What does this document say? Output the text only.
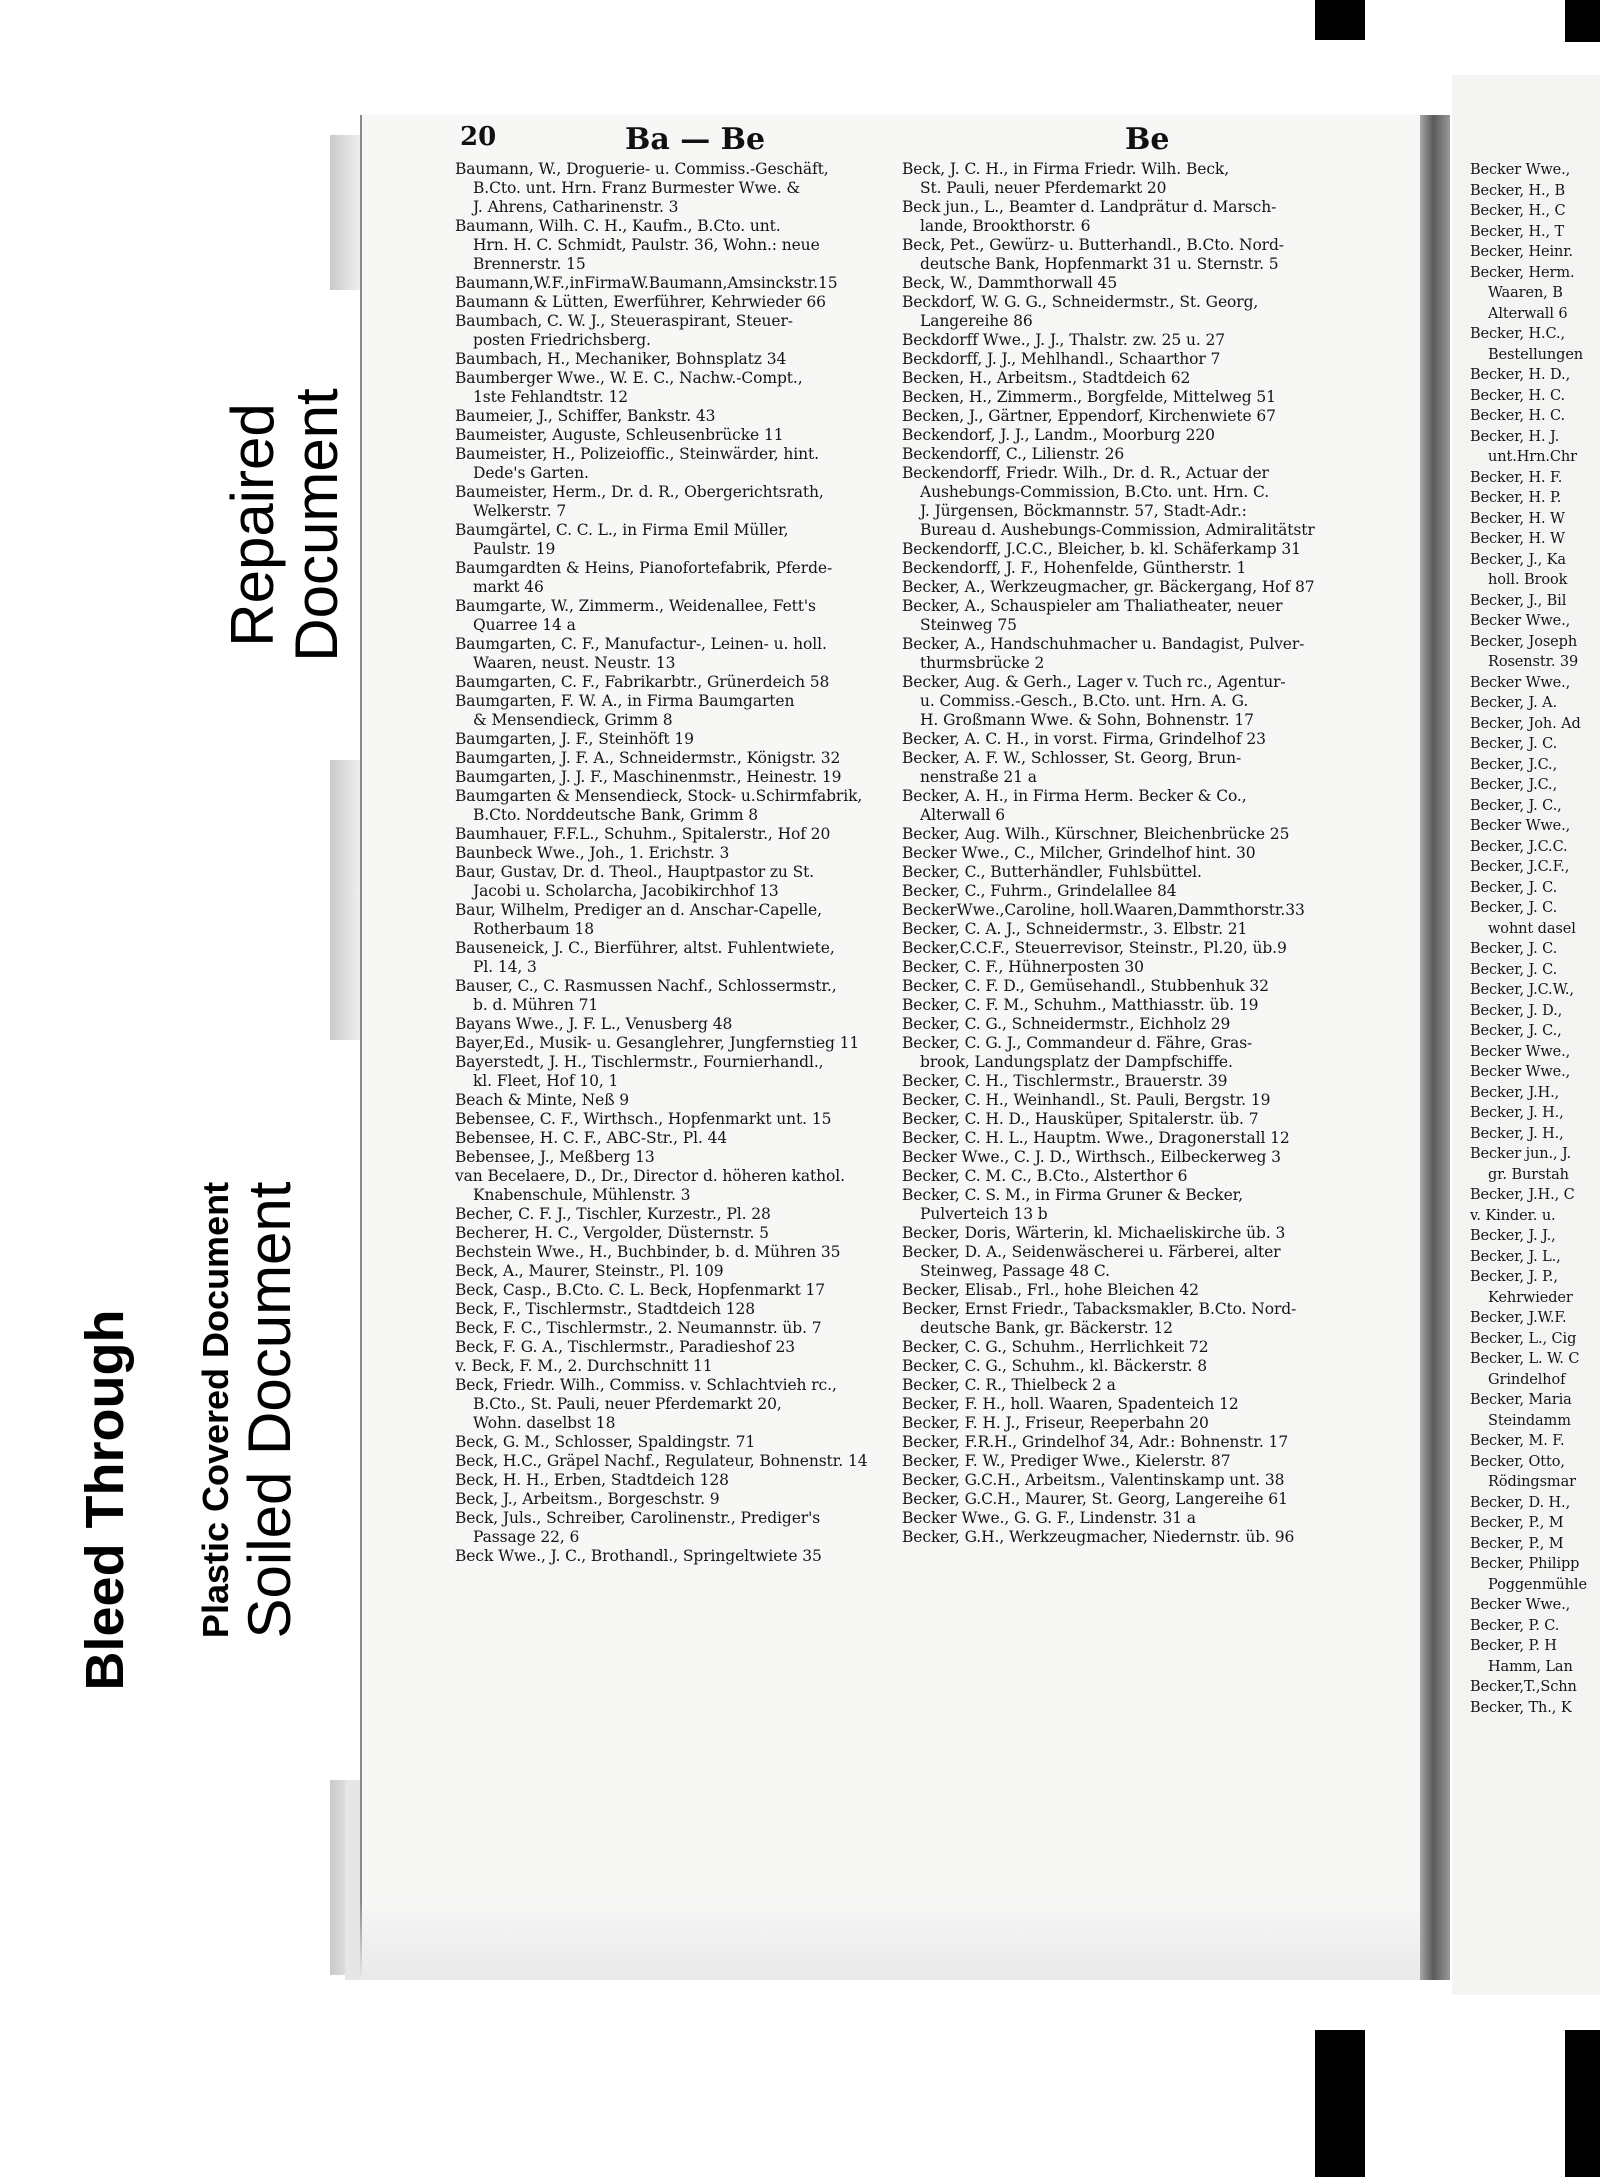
Repaired
Document
Plastic Covered Document Soiled Document
Bleed Through
20	Ba — Be	Be
Baumann, W., Droguerie- u. Commiss.-Geschäft,
B.Cto. unt. Hrn. Franz Burmester Wwe. &
J. Ahrens, Catharinenstr. 3
Baumann, Wilh. C. H., Kaufm., B.Cto. unt.
Hrn. H. C. Schmidt, Paulstr. 36, Wohn.: neue
Brennerstr. 15
Baumann,W.F.,inFirmaW.Baumann,Amsinckstr.15
Baumann & Lütten, Ewerführer, Kehrwieder 66
Baumbach, C. W. J., Steueraspirant, Steuer-
posten Friedrichsberg.
Baumbach, H., Mechaniker, Bohnsplatz 34
Baumberger Wwe., W. E. C., Nachw.-Compt.,
1ste Fehlandtstr. 12
Baumeier, J., Schiffer, Bankstr. 43
Baumeister, Auguste, Schleusenbrücke 11
Baumeister, H., Polizeioffic., Steinwärder, hint.
Dede's Garten.
Baumeister, Herm., Dr. d. R., Obergerichtsrath,
Welkerstr. 7
Baumgärtel, C. C. L., in Firma Emil Müller,
Paulstr. 19
Baumgardten & Heins, Pianofortefabrik, Pferde-
markt 46
Baumgarte, W., Zimmerm., Weidenallee, Fett's
Quarree 14 a
Baumgarten, C. F., Manufactur-, Leinen- u. holl.
Waaren, neust. Neustr. 13
Baumgarten, C. F., Fabrikarbtr., Grünerdeich 58
Baumgarten, F. W. A., in Firma Baumgarten
& Mensendieck, Grimm 8
Baumgarten, J. F., Steinhöft 19
Baumgarten, J. F. A., Schneidermstr., Königstr. 32
Baumgarten, J. J. F., Maschinenmstr., Heinestr. 19
Baumgarten & Mensendieck, Stock- u.Schirmfabrik,
B.Cto. Norddeutsche Bank, Grimm 8
Baumhauer, F.F.L., Schuhm., Spitalerstr., Hof 20
Baunbeck Wwe., Joh., 1. Erichstr. 3
Baur, Gustav, Dr. d. Theol., Hauptpastor zu St.
Jacobi u. Scholarcha, Jacobikirchhof 13
Baur, Wilhelm, Prediger an d. Anschar-Capelle,
Rotherbaum 18
Bauseneick, J. C., Bierführer, altst. Fuhlentwiete,
Pl. 14, 3
Bauser, C., C. Rasmussen Nachf., Schlossermstr.,
b. d. Mühren 71
Bayans Wwe., J. F. L., Venusberg 48
Bayer,Ed., Musik- u. Gesanglehrer, Jungfernstieg 11
Bayerstedt, J. H., Tischlermstr., Fournierhandl.,
kl. Fleet, Hof 10, 1
Beach & Minte, Neß 9
Bebensee, C. F., Wirthsch., Hopfenmarkt unt. 15
Bebensee, H. C. F., ABC-Str., Pl. 44
Bebensee, J., Meßberg 13
van Becelaere, D., Dr., Director d. höheren kathol.
Knabenschule, Mühlenstr. 3
Becher, C. F. J., Tischler, Kurzestr., Pl. 28
Becherer, H. C., Vergolder, Düsternstr. 5
Bechstein Wwe., H., Buchbinder, b. d. Mühren 35
Beck, A., Maurer, Steinstr., Pl. 109
Beck, Casp., B.Cto. C. L. Beck, Hopfenmarkt 17
Beck, F., Tischlermstr., Stadtdeich 128
Beck, F. C., Tischlermstr., 2. Neumannstr. üb. 7
Beck, F. G. A., Tischlermstr., Paradieshof 23
v. Beck, F. M., 2. Durchschnitt 11
Beck, Friedr. Wilh., Commiss. v. Schlachtvieh rc.,
B.Cto., St. Pauli, neuer Pferdemarkt 20,
Wohn. daselbst 18
Beck, G. M., Schlosser, Spaldingstr. 71
Beck, H.C., Gräpel Nachf., Regulateur, Bohnenstr. 14
Beck, H. H., Erben, Stadtdeich 128
Beck, J., Arbeitsm., Borgeschstr. 9
Beck, Juls., Schreiber, Carolinenstr., Prediger's
Passage 22, 6
Beck Wwe., J. C., Brothandl., Springeltwiete 35
Beck, J. C. H., in Firma Friedr. Wilh. Beck,
St. Pauli, neuer Pferdemarkt 20
Beck jun., L., Beamter d. Landprätur d. Marsch-
lande, Brookthorstr. 6
Beck, Pet., Gewürz- u. Butterhandl., B.Cto. Nord-
deutsche Bank, Hopfenmarkt 31 u. Sternstr. 5
Beck, W., Dammthorwall 45
Beckdorf, W. G. G., Schneidermstr., St. Georg,
Langereihe 86
Beckdorff Wwe., J. J., Thalstr. zw. 25 u. 27
Beckdorff, J. J., Mehlhandl., Schaarthor 7
Becken, H., Arbeitsm., Stadtdeich 62
Becken, H., Zimmerm., Borgfelde, Mittelweg 51
Becken, J., Gärtner, Eppendorf, Kirchenwiete 67
Beckendorf, J. J., Landm., Moorburg 220
Beckendorff, C., Lilienstr. 26
Beckendorff, Friedr. Wilh., Dr. d. R., Actuar der
Aushebungs-Commission, B.Cto. unt. Hrn. C.
J. Jürgensen, Böckmannstr. 57, Stadt-Adr.:
Bureau d. Aushebungs-Commission, Admiralitätstr
Beckendorff, J.C.C., Bleicher, b. kl. Schäferkamp 31
Beckendorff, J. F., Hohenfelde, Güntherstr. 1
Becker, A., Werkzeugmacher, gr. Bäckergang, Hof 87
Becker, A., Schauspieler am Thaliatheater, neuer
Steinweg 75
Becker, A., Handschuhmacher u. Bandagist, Pulver-
thurmsbrücke 2
Becker, Aug. & Gerh., Lager v. Tuch rc., Agentur-
u. Commiss.-Gesch., B.Cto. unt. Hrn. A. G.
H. Großmann Wwe. & Sohn, Bohnenstr. 17
Becker, A. C. H., in vorst. Firma, Grindelhof 23
Becker, A. F. W., Schlosser, St. Georg, Brun-
nenstraße 21 a
Becker, A. H., in Firma Herm. Becker & Co.,
Alterwall 6
Becker, Aug. Wilh., Kürschner, Bleichenbrücke 25
Becker Wwe., C., Milcher, Grindelhof hint. 30
Becker, C., Butterhändler, Fuhlsbüttel.
Becker, C., Fuhrm., Grindelallee 84
BeckerWwe.,Caroline, holl.Waaren,Dammthorstr.33
Becker, C. A. J., Schneidermstr., 3. Elbstr. 21
Becker,C.C.F., Steuerrevisor, Steinstr., Pl.20, üb.9
Becker, C. F., Hühnerposten 30
Becker, C. F. D., Gemüsehandl., Stubbenhuk 32
Becker, C. F. M., Schuhm., Matthiasstr. üb. 19
Becker, C. G., Schneidermstr., Eichholz 29
Becker, C. G. J., Commandeur d. Fähre, Gras-
brook, Landungsplatz der Dampfschiffe.
Becker, C. H., Tischlermstr., Brauerstr. 39
Becker, C. H., Weinhandl., St. Pauli, Bergstr. 19
Becker, C. H. D., Hausküper, Spitalerstr. üb. 7
Becker, C. H. L., Hauptm. Wwe., Dragonerstall 12
Becker Wwe., C. J. D., Wirthsch., Eilbeckerweg 3
Becker, C. M. C., B.Cto., Alsterthor 6
Becker, C. S. M., in Firma Gruner & Becker,
Pulverteich 13 b
Becker, Doris, Wärterin, kl. Michaeliskirche üb. 3
Becker, D. A., Seidenwäscherei u. Färberei, alter
Steinweg, Passage 48 C.
Becker, Elisab., Frl., hohe Bleichen 42
Becker, Ernst Friedr., Tabacksmakler, B.Cto. Nord-
deutsche Bank, gr. Bäckerstr. 12
Becker, C. G., Schuhm., Herrlichkeit 72
Becker, C. G., Schuhm., kl. Bäckerstr. 8
Becker, C. R., Thielbeck 2 a
Becker, F. H., holl. Waaren, Spadenteich 12
Becker, F. H. J., Friseur, Reeperbahn 20
Becker, F.R.H., Grindelhof 34, Adr.: Bohnenstr. 17
Becker, F. W., Prediger Wwe., Kielerstr. 87
Becker, G.C.H., Arbeitsm., Valentinskamp unt. 38
Becker, G.C.H., Maurer, St. Georg, Langereihe 61
Becker Wwe., G. G. F., Lindenstr. 31 a
Becker, G.H., Werkzeugmacher, Niedernstr. üb. 96
Becker Wwe.,
Becker, H., B
Becker, H., C
Becker, H., T
Becker, Heinr.
Becker, Herm.
Waaren, B
Alterwall 6
Becker, H.C.,
Bestellungen
Becker, H. D.,
Becker, H. C.
Becker, H. C.
Becker, H. J.
unt.Hrn.Chr
Becker, H. F.
Becker, H. P.
Becker, H. W
Becker, H. W
Becker, J., Ka
holl. Brook
Becker, J., Bil
Becker Wwe.,
Becker, Joseph
Rosenstr. 39
Becker Wwe.,
Becker, J. A.
Becker, Joh. Ad
Becker, J. C.
Becker, J.C.,
Becker, J.C.,
Becker, J. C.,
Becker Wwe.,
Becker, J.C.C.
Becker, J.C.F.,
Becker, J. C.
Becker, J. C.
wohnt dasel
Becker, J. C.
Becker, J. C.
Becker, J.C.W.,
Becker, J. D.,
Becker, J. C.,
Becker Wwe.,
Becker Wwe.,
Becker, J.H.,
Becker, J. H.,
Becker, J. H.,
Becker jun., J.
gr. Burstah
Becker, J.H., C
v. Kinder. u.
Becker, J. J.,
Becker, J. L.,
Becker, J. P.,
Kehrwieder
Becker, J.W.F.
Becker, L., Cig
Becker, L. W. C
Grindelhof
Becker, Maria
Steindamm
Becker, M. F.
Becker, Otto,
Rödingsmar
Becker, D. H.,
Becker, P., M
Becker, P., M
Becker, Philipp
Poggenmühle
Becker Wwe.,
Becker, P. C.
Becker, P. H
Hamm, Lan
Becker,T.,Schn
Becker, Th., K
